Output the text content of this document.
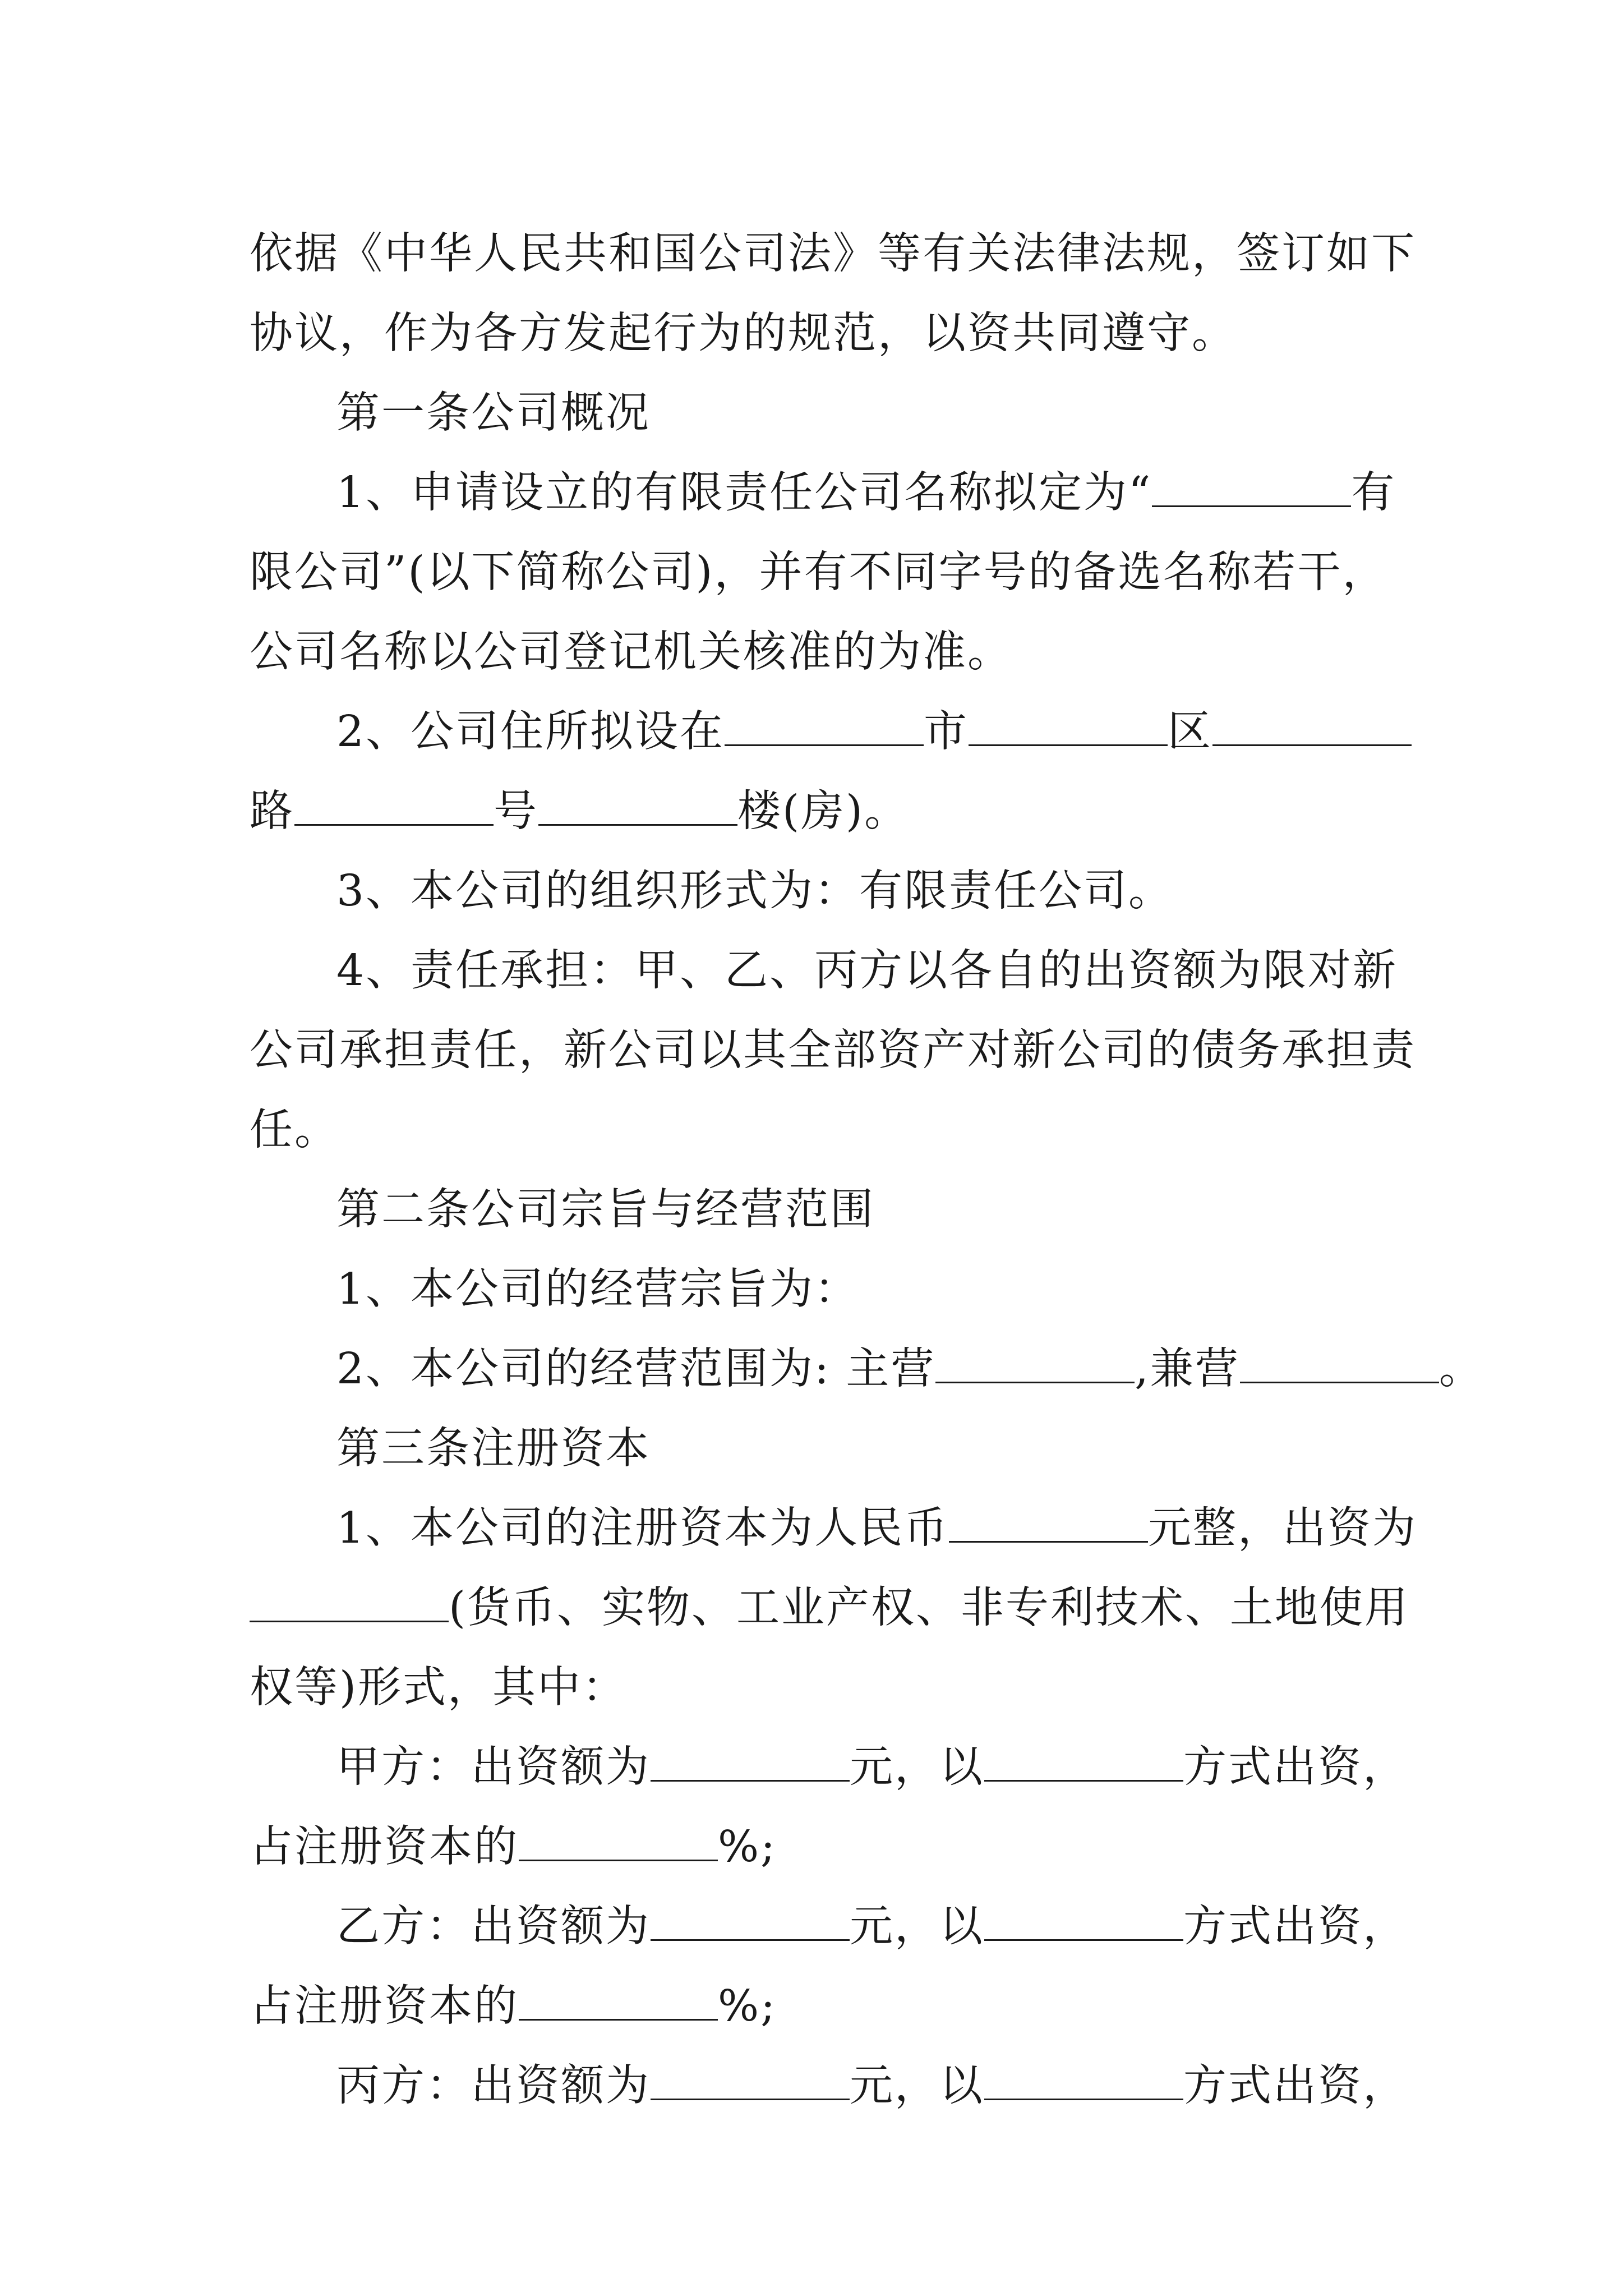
依据《中华人民共和国公司法》等有关法律法规，签订如下
协议，作为各方发起行为的规范，以资共同遵守。
第一条公司概况
1、申请设立的有限责任公司名称拟定为“	有
限公司”(以下简称公司)，并有不同字号的备选名称若干，
公司名称以公司登记机关核准的为准。
2、公司住所拟设在	市	区
路	号	楼(房)。
3、本公司的组织形式为：有限责任公司。
4、责任承担：甲、乙、丙方以各自的出资额为限对新
公司承担责任，新公司以其全部资产对新公司的债务承担责
任。
第二条公司宗旨与经营范围
1、本公司的经营宗旨为：
2、本公司的经营范围为: 主营	,兼营	。
第三条注册资本
1、本公司的注册资本为人民币	元整，出资为
(货币、实物、工业产权、非专利技术、土地使用
权等)形式，其中：
甲方：出资额为	元，以	方式出资，
占注册资本的	%;
乙方：出资额为	元，以	方式出资，
占注册资本的	%;
丙方：出资额为	元，以	方式出资，
